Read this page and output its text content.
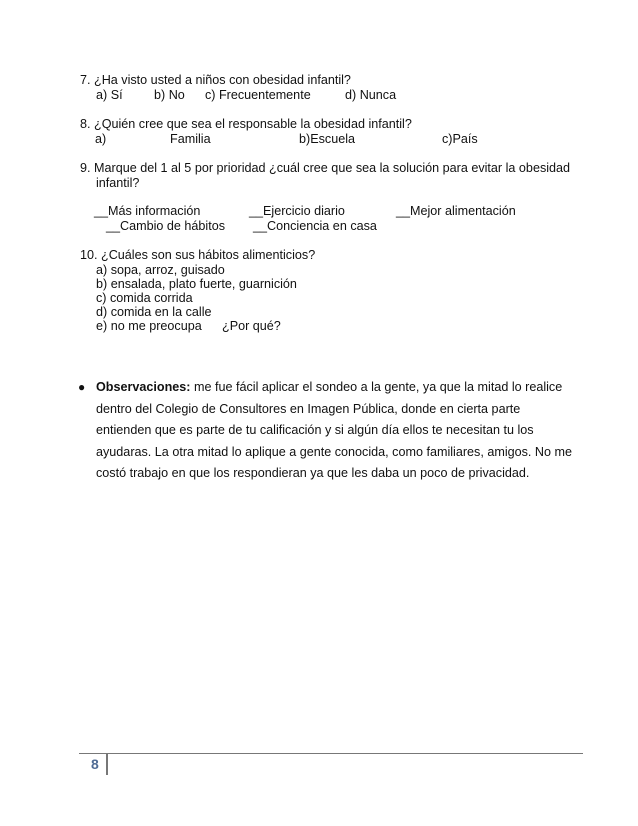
7. ¿Ha visto usted a niños con obesidad infantil?
a) Sí b) No c) Frecuentemente	d) Nunca
8. ¿Quién cree que sea el responsable la obesidad infantil?
a)	Familia	b)Escuela	c)País
9. Marque del 1 al 5 por prioridad ¿cuál cree que sea la solución para evitar la obesidad
infantil?
__Más información	__Ejercicio diario	__Mejor alimentación
__Cambio de hábitos __Conciencia en casa
10. ¿Cuáles son sus hábitos alimenticios?
a) sopa, arroz, guisado
b) ensalada, plato fuerte, guarnición
c) comida corrida
d) comida en la calle
e) no me preocupa ¿Por qué?
● Observaciones: me fue fácil aplicar el sondeo a la gente, ya que la mitad lo realice dentro del Colegio de Consultores en Imagen Pública, donde en cierta parte entienden que es parte de tu calificación y si algún día ellos te necesitan tu los ayudaras. La otra mitad lo aplique a gente conocida, como familiares, amigos. No me costó trabajo en que los respondieran ya que les daba un poco de privacidad.
8
